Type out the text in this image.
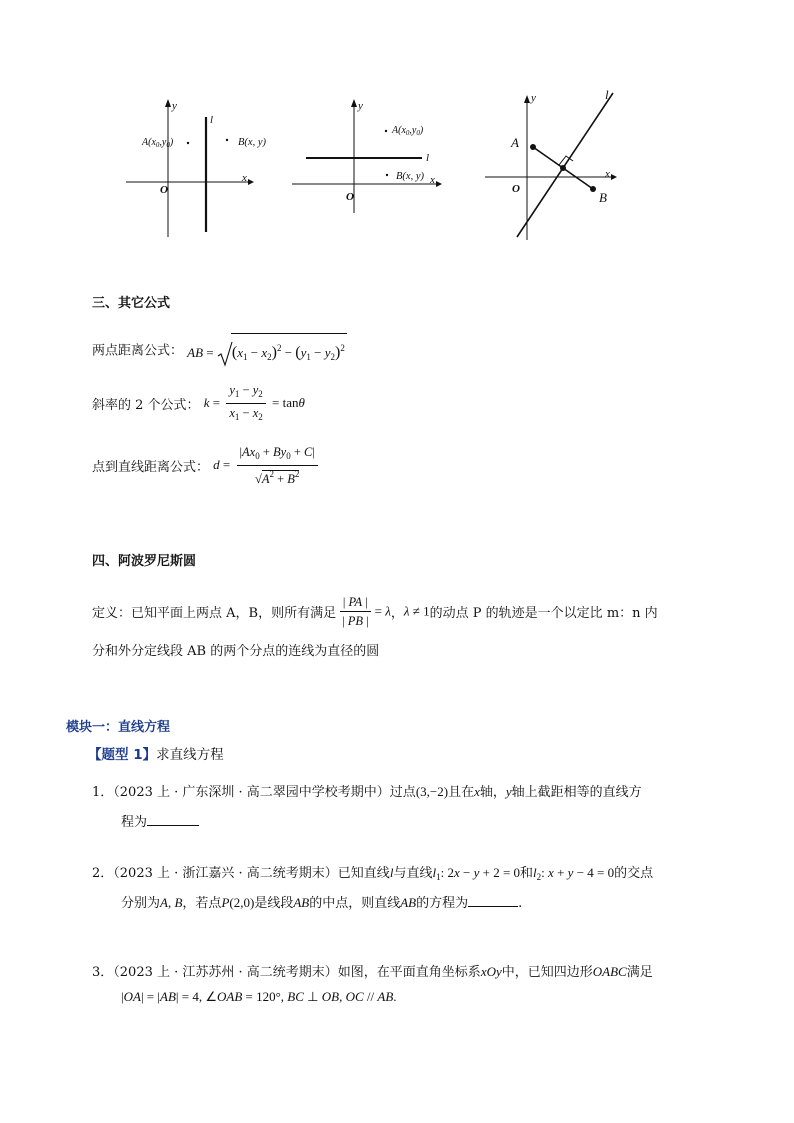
y
x
O
l
$A(x_0,y_0)$	B(x, y)
y
x
O
l
$A(x_0,y_0)$
B(x, y)
y
x
O
l
A
B
三、其它公式
两点距离公式： AB = $(x_1 - x_2)^2 - (y_1 - y_2)^2$
斜率的 2 个公式： $k = \frac{y_1 - y_2}{x_1 - x_2} = \tan\theta$
点到直线距离公式： $d = \frac{|Ax_0 + By_0 + C|}{√A^2 + B^2}$
四、阿波罗尼斯圆
定义：已知平面上两点 A，B，则所有满足 $\frac{| PA |}{| PB |} = \lambda$，λ ≠ 1的动点 P 的轨迹是一个以定比 m：n 内
分和外分定线段 AB 的两个分点的连线为直径的圆
模块一：直线方程
【题型 1】求直线方程
1．（2023 上 · 广东深圳 · 高二翠园中学校考期中）过点(3,−2)且在x轴，y轴上截距相等的直线方
程为
2．（2023 上 · 浙江嘉兴 · 高二统考期末）已知直线l与直线$l_1$: 2x − y + 2 = 0和$l_2$: x + y − 4 = 0的交点
分别为A, B，若点P(2,0)是线段AB的中点，则直线AB的方程为	.
3．（2023 上 · 江苏苏州 · 高二统考期末）如图，在平面直角坐标系xOy中，已知四边形OABC满足
|OA| = |AB| = 4, ∠OAB = 120°, BC ⊥ OB, OC // AB.
